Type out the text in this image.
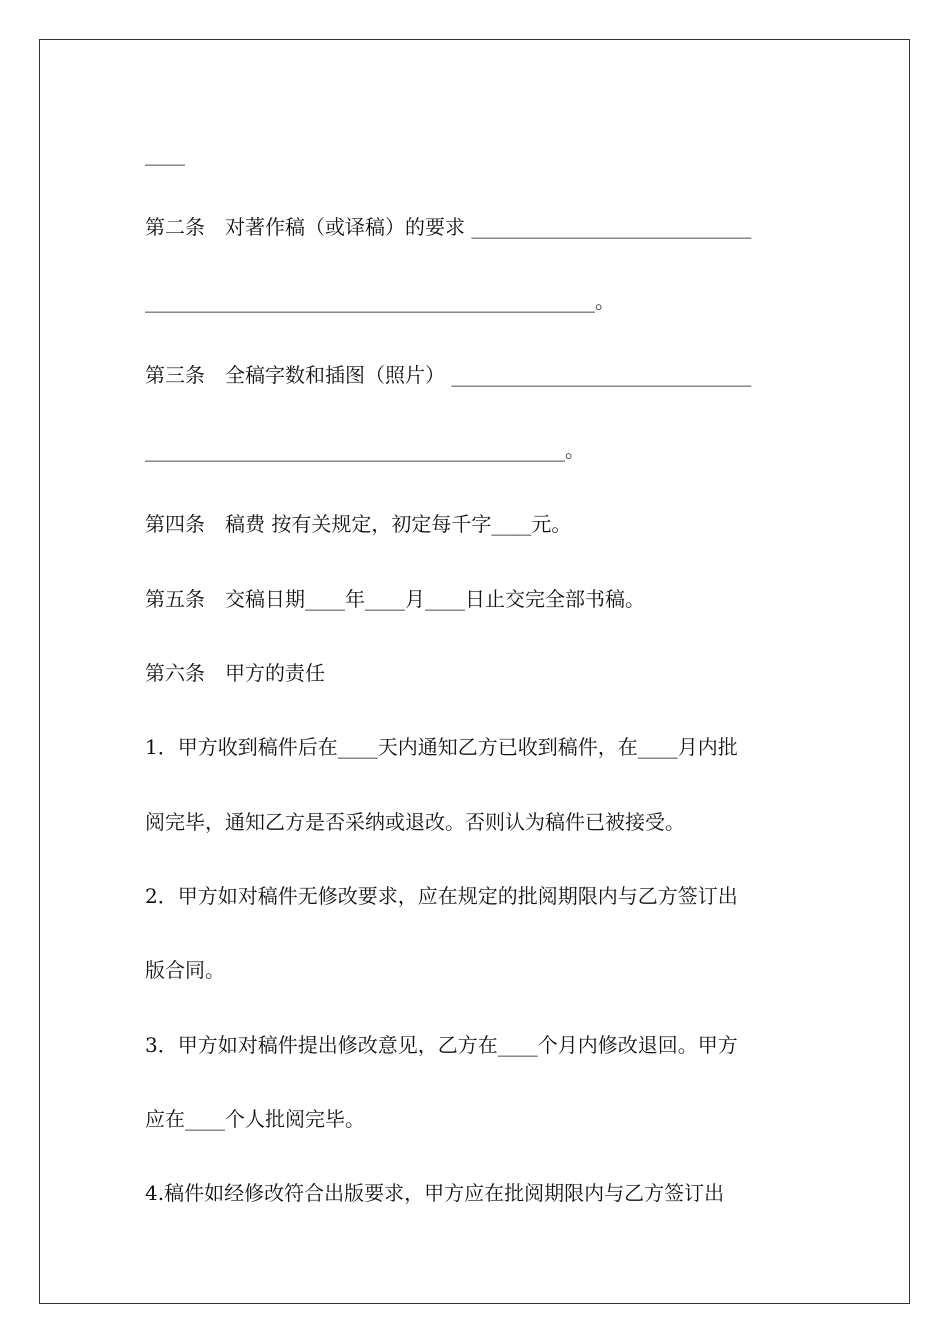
____
第二条　对著作稿（或译稿）的要求 ____________________________
_____________________________________________。
第三条　全稿字数和插图（照片） ______________________________
__________________________________________。
第四条　稿费 按有关规定，初定每千字____元。
第五条　交稿日期____年____月____日止交完全部书稿。
第六条　甲方的责任
1．甲方收到稿件后在____天内通知乙方已收到稿件，在____月内批
阅完毕，通知乙方是否采纳或退改。否则认为稿件已被接受。
2．甲方如对稿件无修改要求，应在规定的批阅期限内与乙方签订出
版合同。
3．甲方如对稿件提出修改意见，乙方在____个月内修改退回。甲方
应在____个人批阅完毕。
4.稿件如经修改符合出版要求，甲方应在批阅期限内与乙方签订出
